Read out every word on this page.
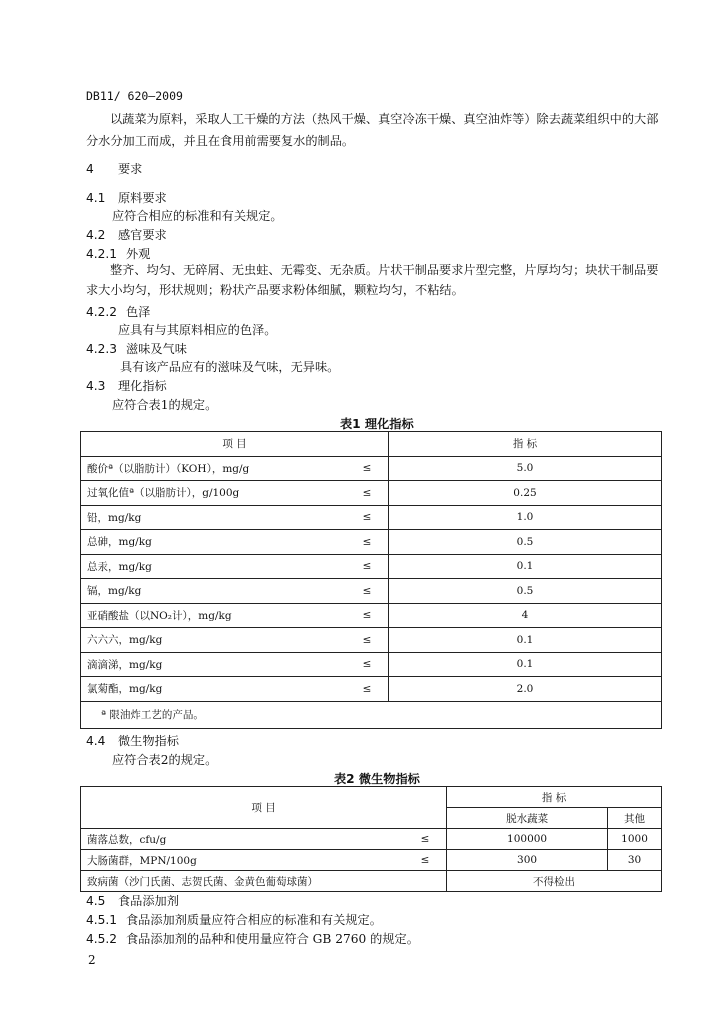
DB11/ 620—2009
以蔬菜为原料，采取人工干燥的方法（热风干燥、真空冷冻干燥、真空油炸等）除去蔬菜组织中的大部分水分加工而成，并且在食用前需要复水的制品。
4 要求
4.1 原料要求
应符合相应的标准和有关规定。
4.2 感官要求
4.2.1 外观
整齐、均匀、无碎屑、无虫蛀、无霉变、无杂质。片状干制品要求片型完整，片厚均匀；块状干制品要求大小均匀，形状规则；粉状产品要求粉体细腻，颗粒均匀，不粘结。
4.2.2 色泽
应具有与其原料相应的色泽。
4.2.3 滋味及气味
具有该产品应有的滋味及气味，无异味。
4.3 理化指标
应符合表1的规定。
表1 理化指标
项 目		指 标
酸价ª（以脂肪计）（KOH），mg/g	≤	5.0
过氧化值ª（以脂肪计），g/100g	≤	0.25
铅，mg/kg	≤	1.0
总砷，mg/kg	≤	0.5
总汞，mg/kg	≤	0.1
镉，mg/kg	≤	0.5
亚硝酸盐（以NO₂计），mg/kg	≤	4
六六六，mg/kg	≤	0.1
滴滴涕，mg/kg	≤	0.1
氯菊酯，mg/kg	≤	2.0
ª 限油炸工艺的产品。		
4.4 微生物指标
应符合表2的规定。
表2 微生物指标
项 目		指 标	
		脱水蔬菜	其他
菌落总数，cfu/g	≤	100000	1000
大肠菌群，MPN/100g	≤	300	30
致病菌（沙门氏菌、志贺氏菌、金黄色葡萄球菌）		不得检出	
4.5 食品添加剂
4.5.1 食品添加剂质量应符合相应的标准和有关规定。
4.5.2 食品添加剂的品种和使用量应符合 GB 2760 的规定。
2
